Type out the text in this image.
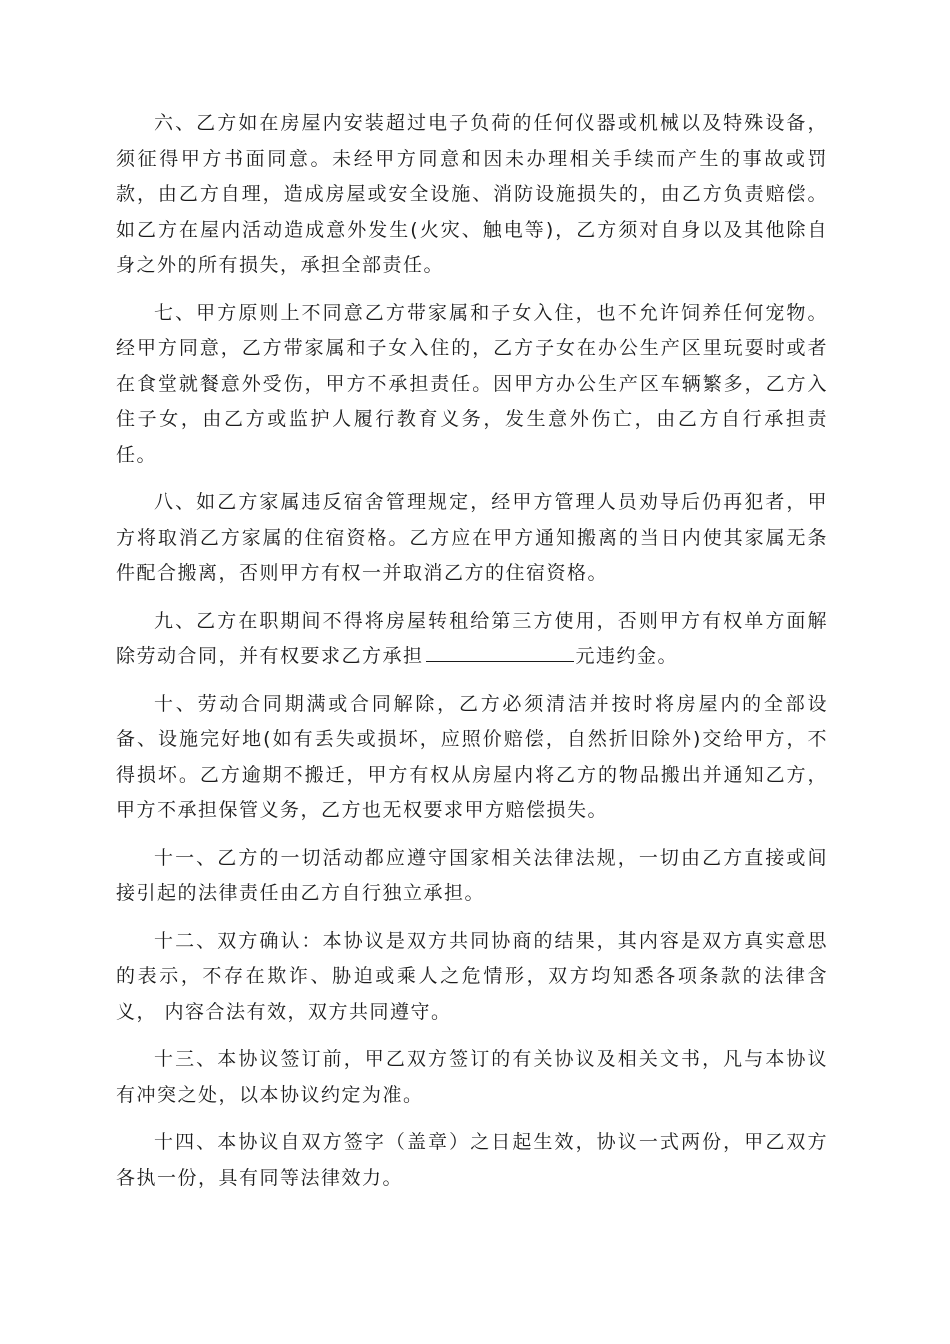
六、乙方如在房屋内安装超过电子负荷的任何仪器或机械以及特殊设备，须征得甲方书面同意。未经甲方同意和因未办理相关手续而产生的事故或罚款，由乙方自理，造成房屋或安全设施、消防设施损失的，由乙方负责赔偿。如乙方在屋内活动造成意外发生(火灾、触电等)，乙方须对自身以及其他除自身之外的所有损失，承担全部责任。

七、甲方原则上不同意乙方带家属和子女入住，也不允许饲养任何宠物。经甲方同意，乙方带家属和子女入住的，乙方子女在办公生产区里玩耍时或者在食堂就餐意外受伤，甲方不承担责任。因甲方办公生产区车辆繁多，乙方入住子女，由乙方或监护人履行教育义务，发生意外伤亡，由乙方自行承担责任。

八、如乙方家属违反宿舍管理规定，经甲方管理人员劝导后仍再犯者，甲方将取消乙方家属的住宿资格。乙方应在甲方通知搬离的当日内使其家属无条件配合搬离，否则甲方有权一并取消乙方的住宿资格。

九、乙方在职期间不得将房屋转租给第三方使用，否则甲方有权单方面解除劳动合同，并有权要求乙方承担	元违约金。

十、劳动合同期满或合同解除，乙方必须清洁并按时将房屋内的全部设备、设施完好地(如有丢失或损坏，应照价赔偿，自然折旧除外)交给甲方，不得损坏。乙方逾期不搬迁，甲方有权从房屋内将乙方的物品搬出并通知乙方，甲方不承担保管义务，乙方也无权要求甲方赔偿损失。

十一、乙方的一切活动都应遵守国家相关法律法规，一切由乙方直接或间接引起的法律责任由乙方自行独立承担。

十二、双方确认：本协议是双方共同协商的结果，其内容是双方真实意思的表示，不存在欺诈、胁迫或乘人之危情形，双方均知悉各项条款的法律含义， 内容合法有效，双方共同遵守。

十三、本协议签订前，甲乙双方签订的有关协议及相关文书，凡与本协议有冲突之处，以本协议约定为准。

十四、本协议自双方签字（盖章）之日起生效，协议一式两份，甲乙双方各执一份，具有同等法律效力。
